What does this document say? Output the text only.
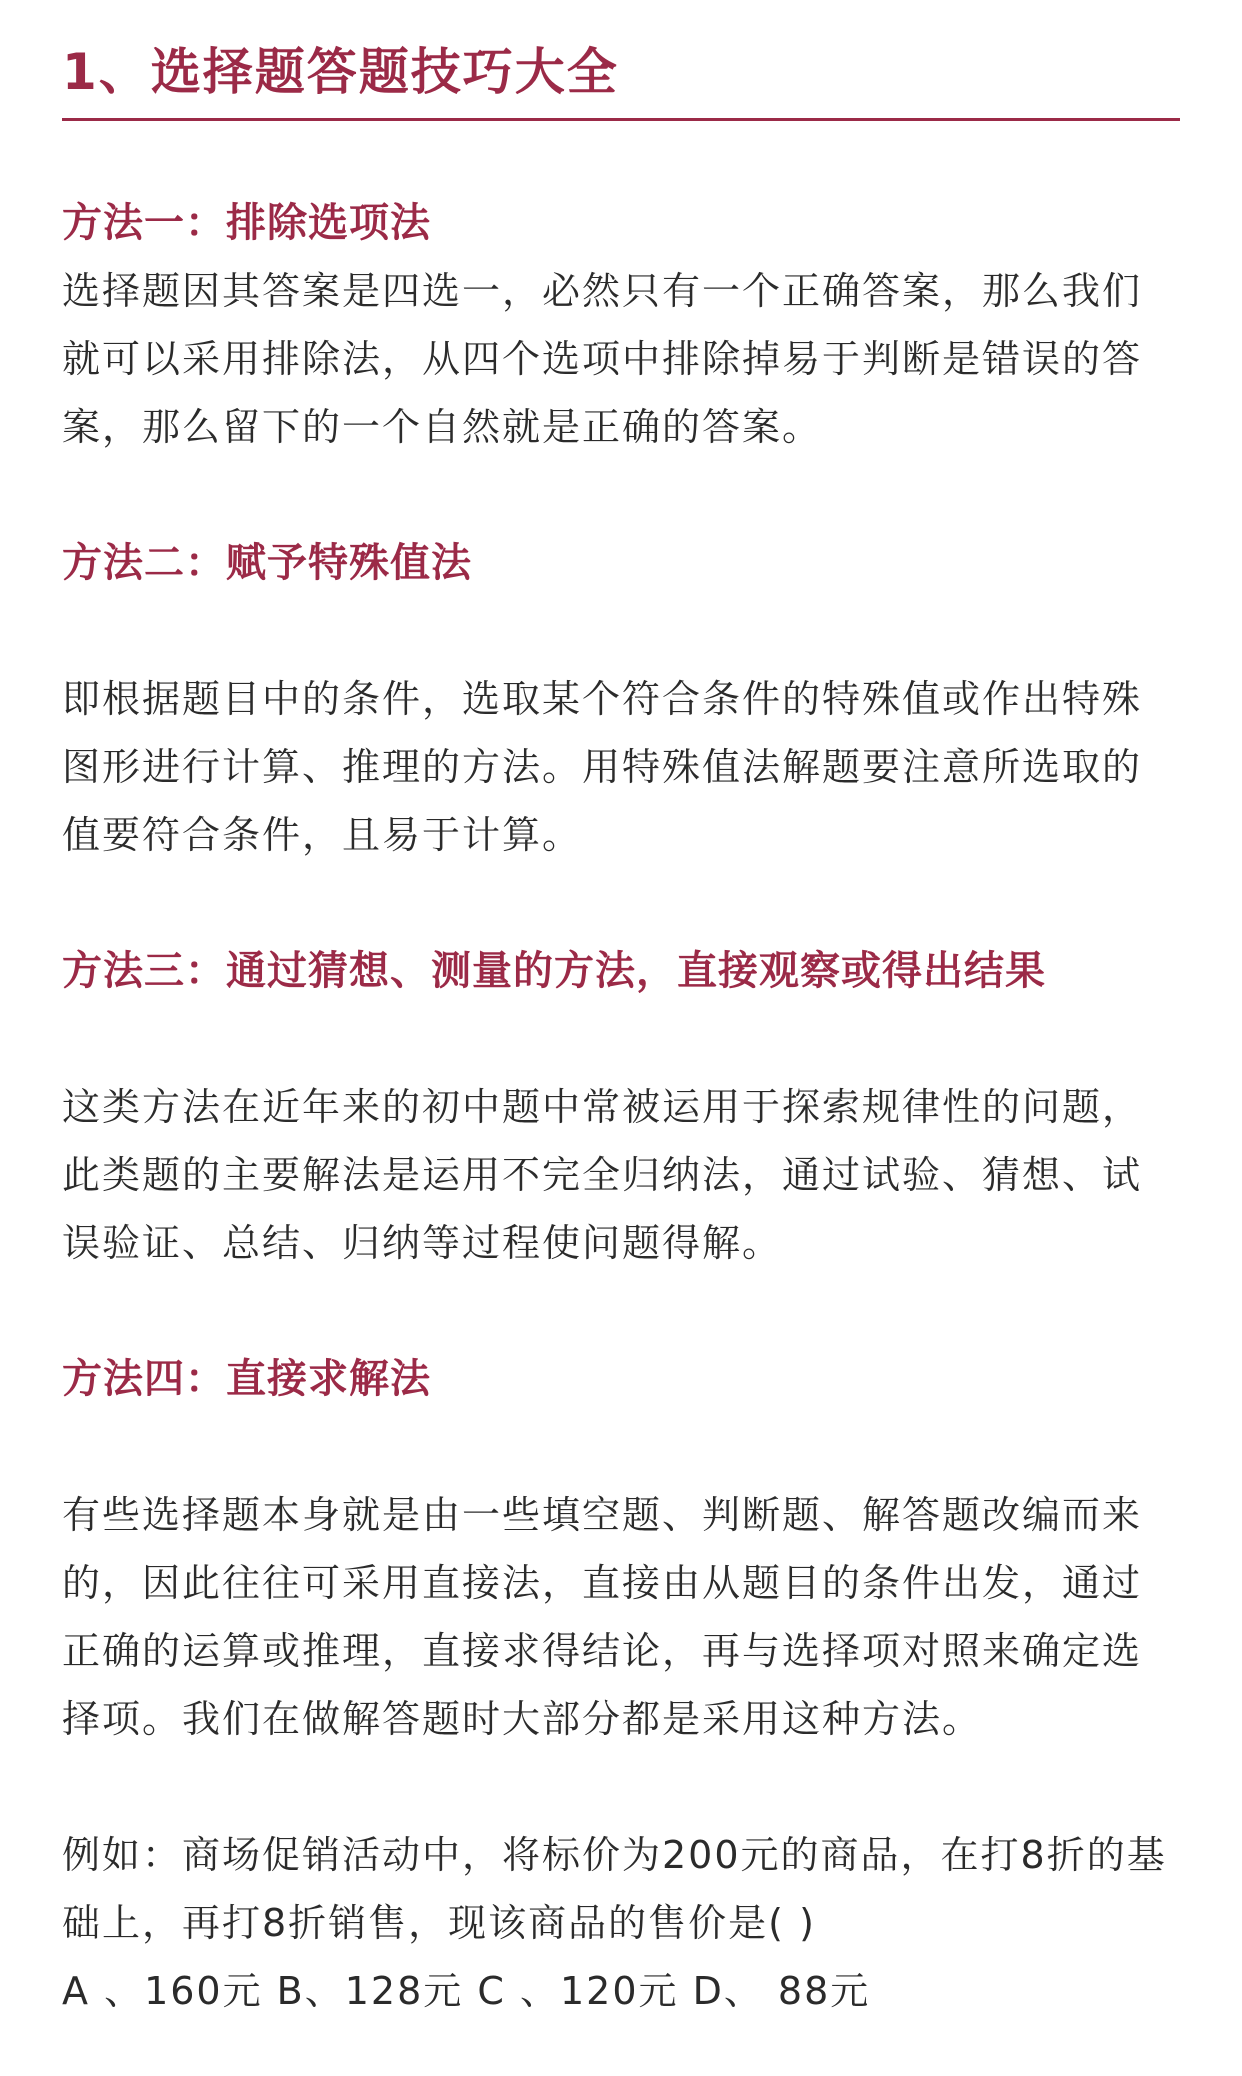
1、选择题答题技巧大全
方法一：排除选项法

选择题因其答案是四选一，必然只有一个正确答案，那么我们
就可以采用排除法，从四个选项中排除掉易于判断是错误的答
案，那么留下的一个自然就是正确的答案。

方法二：赋予特殊值法

即根据题目中的条件，选取某个符合条件的特殊值或作出特殊
图形进行计算、推理的方法。用特殊值法解题要注意所选取的
值要符合条件，且易于计算。

方法三：通过猜想、测量的方法，直接观察或得出结果

这类方法在近年来的初中题中常被运用于探索规律性的问题，
此类题的主要解法是运用不完全归纳法，通过试验、猜想、试
误验证、总结、归纳等过程使问题得解。

方法四：直接求解法

有些选择题本身就是由一些填空题、判断题、解答题改编而来
的，因此往往可采用直接法，直接由从题目的条件出发，通过
正确的运算或推理，直接求得结论，再与选择项对照来确定选
择项。我们在做解答题时大部分都是采用这种方法。

例如：商场促销活动中，将标价为200元的商品，在打8折的基
础上，再打8折销售，现该商品的售价是( )
A 、160元 B、128元 C 、120元 D、 88元
